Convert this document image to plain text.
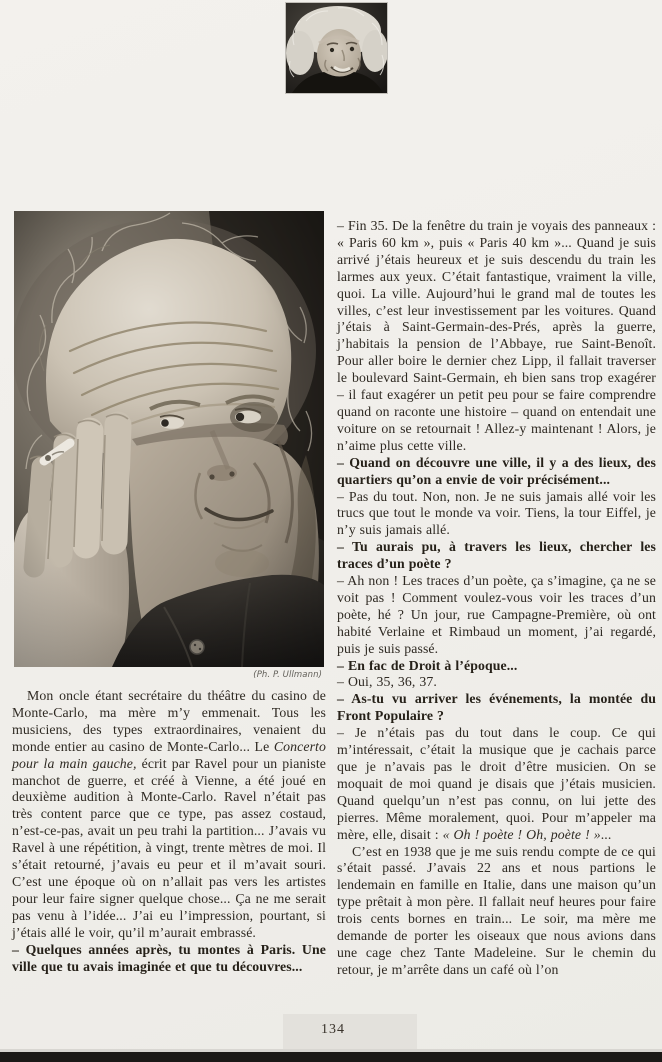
(Ph. P. Ullmann)

Mon oncle étant secrétaire du théâtre du casino de Monte-Carlo, ma mère m’y emmenait. Tous les musiciens, des types extraordinaires, venaient du monde entier au casino de Monte-Carlo... Le Concerto pour la main gauche, écrit par Ravel pour un pianiste manchot de guerre, et créé à Vienne, a été joué en deuxième audition à Monte-Carlo. Ravel n’était pas très content parce que ce type, pas assez costaud, n’est-ce-pas, avait un peu trahi la partition... J’avais vu Ravel à une répétition, à vingt, trente mètres de moi. Il s’était retourné, j’avais eu peur et il m’avait souri. C’est une époque où on n’allait pas vers les artistes pour leur faire signer quelque chose... Ça ne me serait pas venu à l’idée... J’ai eu l’impression, pourtant, si j’étais allé le voir, qu’il m’aurait embrassé.

– Quelques années après, tu montes à Paris. Une ville que tu avais imaginée et que tu découvres...

– Fin 35. De la fenêtre du train je voyais des panneaux : « Paris 60 km », puis « Paris 40 km »... Quand je suis arrivé j’étais heureux et je suis descendu du train les larmes aux yeux. C’était fantastique, vraiment la ville, quoi. La ville. Aujourd’hui le grand mal de toutes les villes, c’est leur investissement par les voitures. Quand j’étais à Saint-Germain-des-Prés, après la guerre, j’habitais la pension de l’Abbaye, rue Saint-Benoît. Pour aller boire le dernier chez Lipp, il fallait traverser le boulevard Saint-Germain, eh bien sans trop exagérer – il faut exagérer un petit peu pour se faire comprendre quand on raconte une histoire – quand on entendait une voiture on se retournait ! Allez-y maintenant ! Alors, je n’aime plus cette ville.

– Quand on découvre une ville, il y a des lieux, des quartiers qu’on a envie de voir précisément...

– Pas du tout. Non, non. Je ne suis jamais allé voir les trucs que tout le monde va voir. Tiens, la tour Eiffel, je n’y suis jamais allé.

– Tu aurais pu, à travers les lieux, chercher les traces d’un poète ?

– Ah non ! Les traces d’un poète, ça s’imagine, ça ne se voit pas ! Comment voulez-vous voir les traces d’un poète, hé ? Un jour, rue Campagne-Première, où ont habité Verlaine et Rimbaud un moment, j’ai regardé, puis je suis passé.

– En fac de Droit à l’époque...

– Oui, 35, 36, 37.

– As-tu vu arriver les événements, la montée du Front Populaire ?

– Je n’étais pas du tout dans le coup. Ce qui m’intéressait, c’était la musique que je cachais parce que je n’avais pas le droit d’être musicien. On se moquait de moi quand je disais que j’étais musicien. Quand quelqu’un n’est pas connu, on lui jette des pierres. Même moralement, quoi. Pour m’appeler ma mère, elle, disait : « Oh ! poète ! Oh, poète ! »...

C’est en 1938 que je me suis rendu compte de ce qui s’était passé. J’avais 22 ans et nous partions le lendemain en famille en Italie, dans une maison qu’un type prêtait à mon père. Il fallait neuf heures pour faire trois cents bornes en train... Le soir, ma mère me demande de porter les oiseaux que nous avions dans une cage chez Tante Madeleine. Sur le chemin du retour, je m’arrête dans un café où l’on

134
